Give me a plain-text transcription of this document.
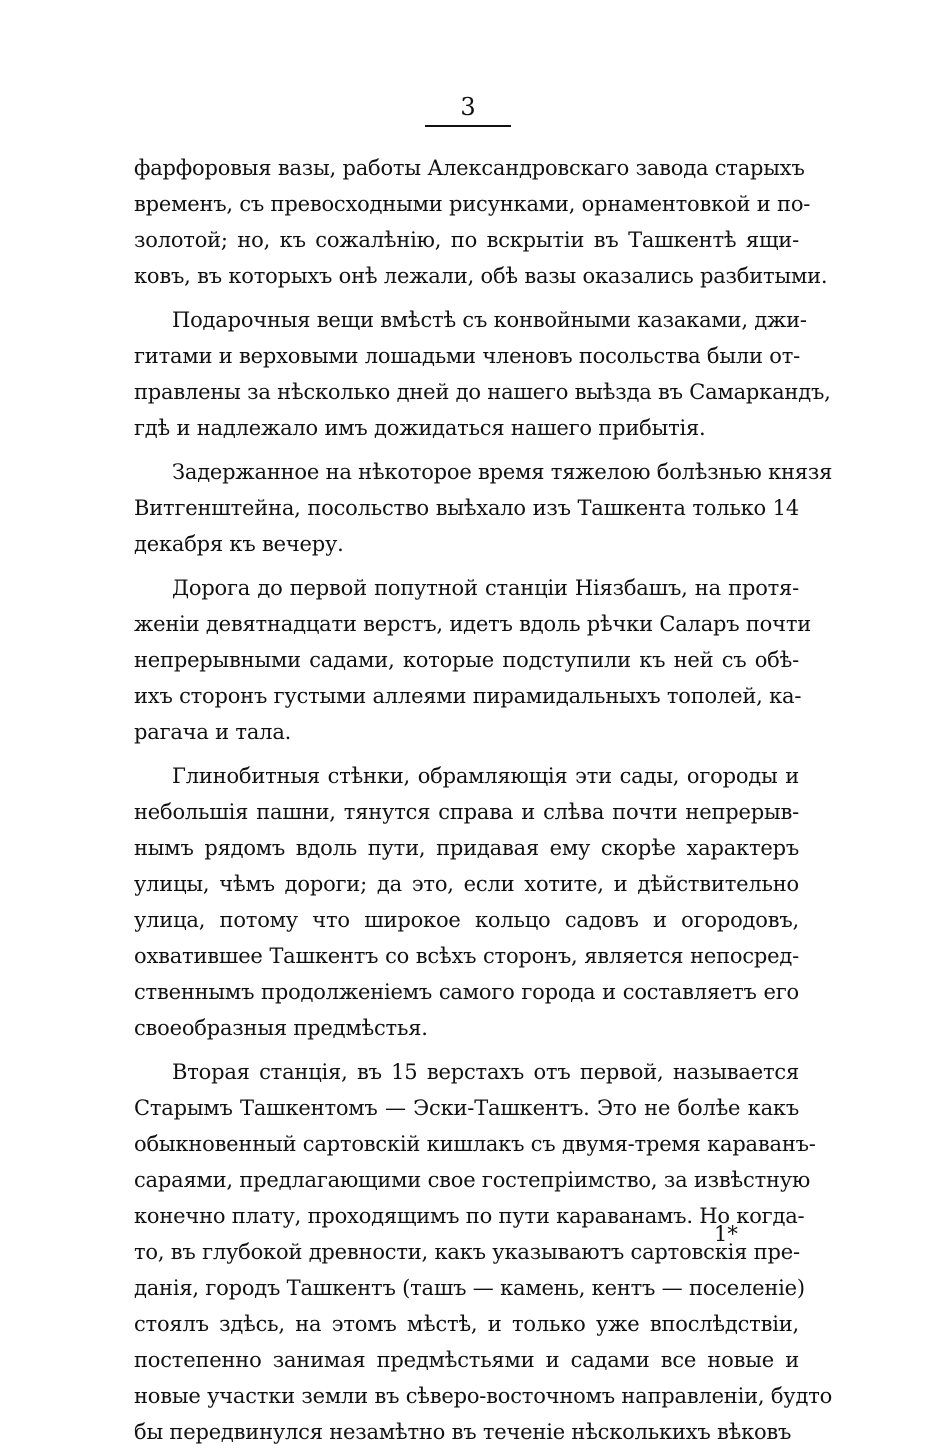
3
фарфоровыя вазы, работы Александровскаго завода старыхъ
временъ, съ превосходными рисунками, орнаментовкой и по-
золотой; но, къ сожалѣнію, по вскрытіи въ Ташкентѣ ящи-
ковъ, въ которыхъ онѣ лежали, обѣ вазы оказались разбитыми.
Подарочныя вещи вмѣстѣ съ конвойными казаками, джи-
гитами и верховыми лошадьми членовъ посольства были от-
правлены за нѣсколько дней до нашего выѣзда въ Самаркандъ,
гдѣ и надлежало имъ дожидаться нашего прибытія.
Задержанное на нѣкоторое время тяжелою болѣзнью князя
Витгенштейна, посольство выѣхало изъ Ташкента только 14
декабря къ вечеру.
Дорога до первой попутной станціи Ніязбашъ, на протя-
женіи девятнадцати верстъ, идетъ вдоль рѣчки Саларъ почти
непрерывными садами, которые подступили къ ней съ обѣ-
ихъ сторонъ густыми аллеями пирамидальныхъ тополей, ка-
рагача и тала.
Глинобитныя стѣнки, обрамляющія эти сады, огороды и
небольшія пашни, тянутся справа и слѣва почти непрерыв-
нымъ рядомъ вдоль пути, придавая ему скорѣе характеръ
улицы, чѣмъ дороги; да это, если хотите, и дѣйствительно
улица, потому что широкое кольцо садовъ и огородовъ,
охватившее Ташкентъ со всѣхъ сторонъ, является непосред-
ственнымъ продолженіемъ самого города и составляетъ его
своеобразныя предмѣстья.
Вторая станція, въ 15 верстахъ отъ первой, называется
Старымъ Ташкентомъ — Эски-Ташкентъ. Это не болѣе какъ
обыкновенный сартовскій кишлакъ съ двумя-тремя караванъ-
сараями, предлагающими свое гостепріимство, за извѣстную
конечно плату, проходящимъ по пути караванамъ. Но когда-
то, въ глубокой древности, какъ указываютъ сартовскія пре-
данія, городъ Ташкентъ (ташъ — камень, кентъ — поселеніе)
стоялъ здѣсь, на этомъ мѣстѣ, и только уже впослѣдствіи,
постепенно занимая предмѣстьями и садами все новые и
новые участки земли въ сѣверо-восточномъ направленіи, будто
бы передвинулся незамѣтно въ теченіе нѣсколькихъ вѣковъ
1*
